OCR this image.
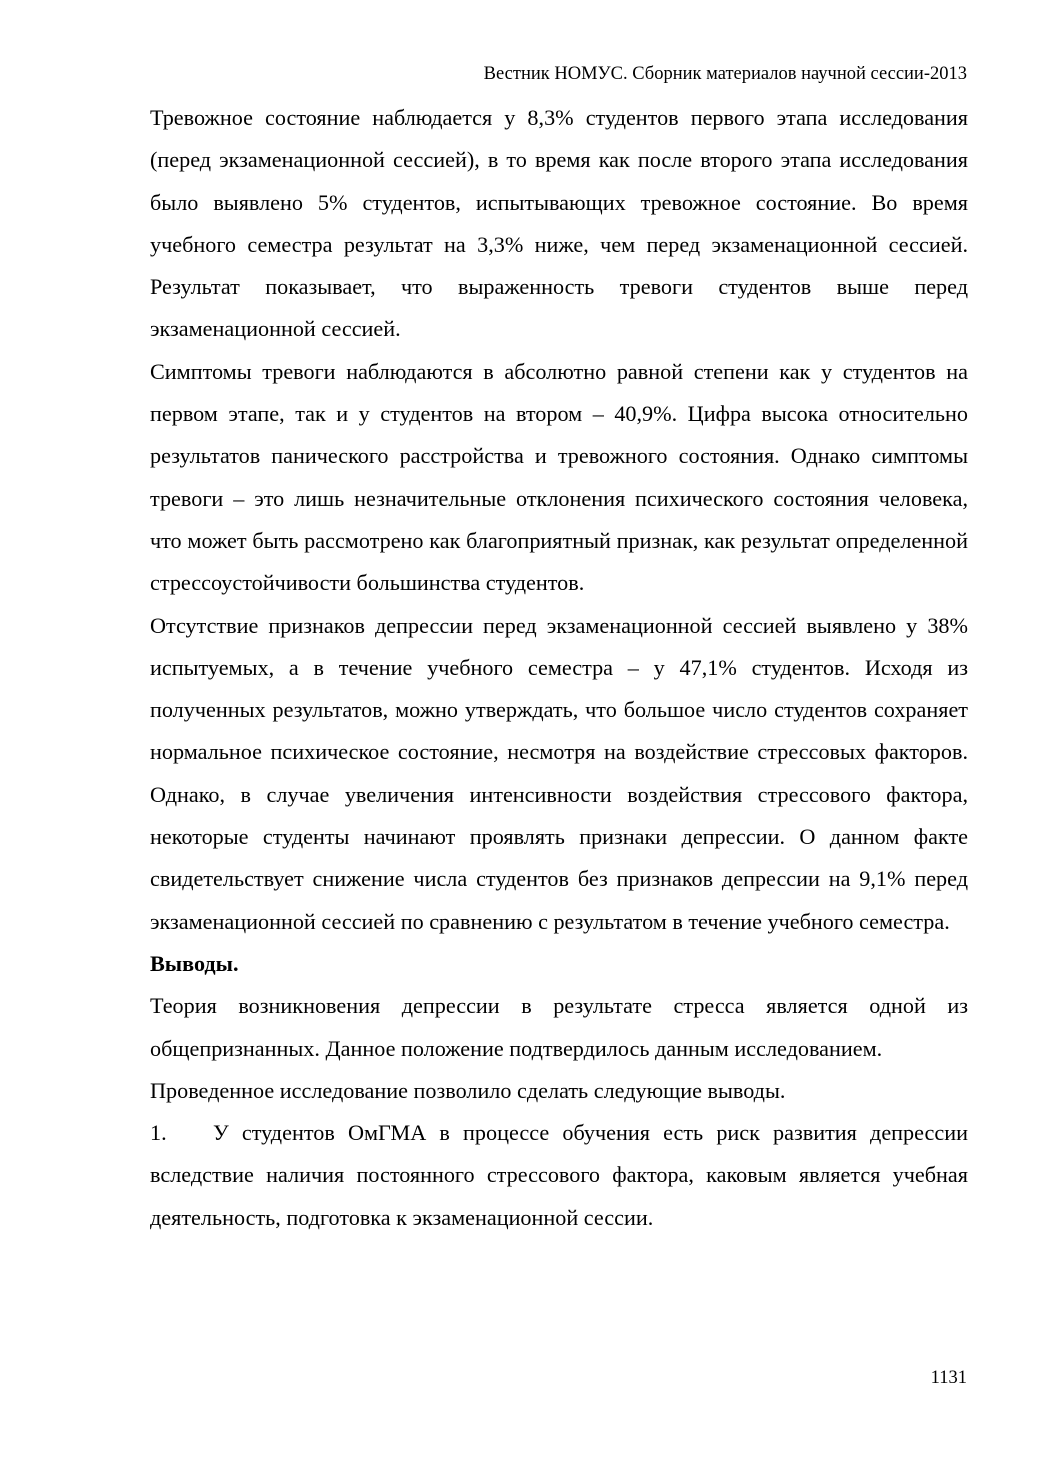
Вестник НОМУС. Сборник материалов научной сессии-2013

Тревожное состояние наблюдается у 8,3% студентов первого этапа исследования (перед экзаменационной сессией), в то время как после второго этапа исследования было выявлено 5% студентов, испытывающих тревожное состояние. Во время учебного семестра результат на 3,3% ниже, чем перед экзаменационной сессией. Результат показывает, что выраженность тревоги студентов выше перед экзаменационной сессией.

Симптомы тревоги наблюдаются в абсолютно равной степени как у студентов на первом этапе, так и у студентов на втором – 40,9%. Цифра высока относительно результатов панического расстройства и тревожного состояния. Однако симптомы тревоги – это лишь незначительные отклонения психического состояния человека, что может быть рассмотрено как благоприятный признак, как результат определенной стрессоустойчивости большинства студентов.

Отсутствие признаков депрессии перед экзаменационной сессией выявлено у 38% испытуемых, а в течение учебного семестра – у 47,1% студентов. Исходя из полученных результатов, можно утверждать, что большое число студентов сохраняет нормальное психическое состояние, несмотря на воздействие стрессовых факторов. Однако, в случае увеличения интенсивности воздействия стрессового фактора, некоторые студенты начинают проявлять признаки депрессии. О данном факте свидетельствует снижение числа студентов без признаков депрессии на 9,1% перед экзаменационной сессией по сравнению с результатом в течение учебного семестра.

Выводы.

Теория возникновения депрессии в результате стресса является одной из общепризнанных. Данное положение подтвердилось данным исследованием.

Проведенное исследование позволило сделать следующие выводы.

1. У студентов ОмГМА в процессе обучения есть риск развития депрессии вследствие наличия постоянного стрессового фактора, каковым является учебная деятельность, подготовка к экзаменационной сессии.

1131
